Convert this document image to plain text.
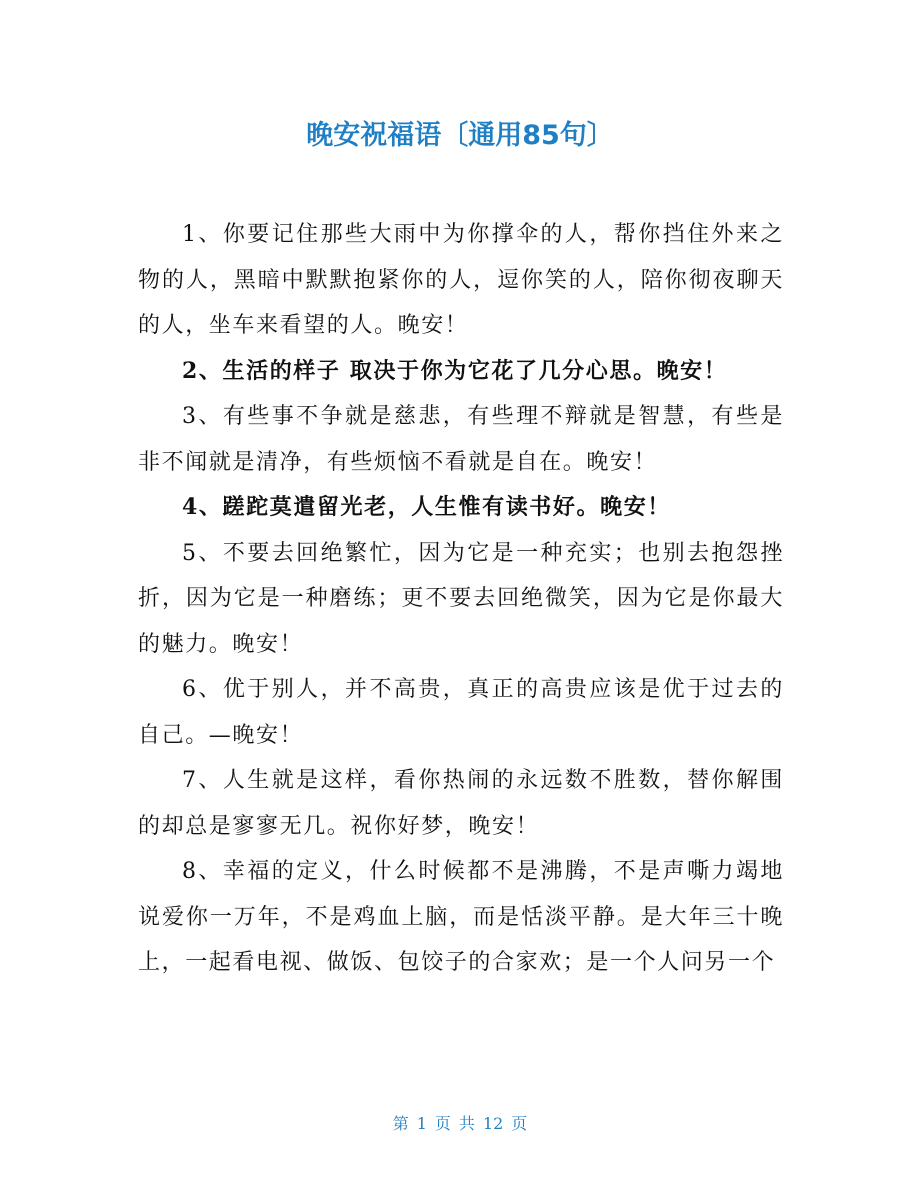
晚安祝福语〔通用85句〕

1、你要记住那些大雨中为你撑伞的人，帮你挡住外来之物的人，黑暗中默默抱紧你的人，逗你笑的人，陪你彻夜聊天的人，坐车来看望的人。晚安！

2、生活的样子 取决于你为它花了几分心思。晚安！

3、有些事不争就是慈悲，有些理不辩就是智慧，有些是非不闻就是清净，有些烦恼不看就是自在。晚安！

4、蹉跎莫遣留光老，人生惟有读书好。晚安！

5、不要去回绝繁忙，因为它是一种充实；也别去抱怨挫折，因为它是一种磨练；更不要去回绝微笑，因为它是你最大的魅力。晚安！

6、优于别人，并不高贵，真正的高贵应该是优于过去的自己。—晚安！

7、人生就是这样，看你热闹的永远数不胜数，替你解围的却总是寥寥无几。祝你好梦，晚安！

8、幸福的定义，什么时候都不是沸腾，不是声嘶力竭地说爱你一万年，不是鸡血上脑，而是恬淡平静。是大年三十晚上，一起看电视、做饭、包饺子的合家欢；是一个人问另一个

第 1 页 共 12 页
